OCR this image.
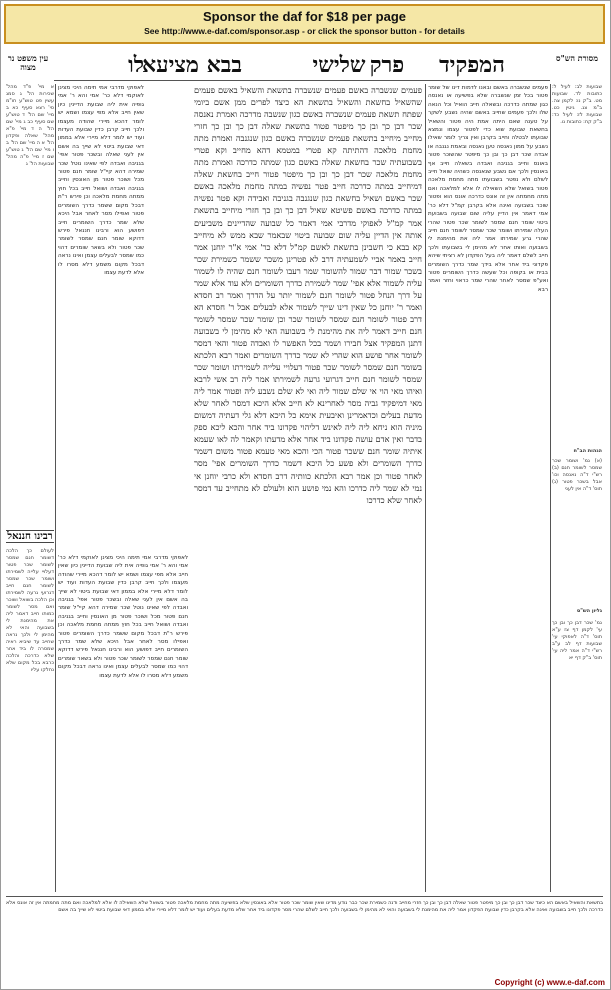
Sponsor the daf for $18 per page
See http://www.e-daf.com/sponsor.asp - or click the sponsor button - for details
לו
בבא מציעא	שלישי פרק	המפקיד
עין משפט נר מצוה
מסורת הש"ס
א מיי' פ"ד מהל' שכירות הל' ג סמג עשין פט טוש"ע חו"מ סי' רצא סעיף כא ב מיי' שם הל' ד טוש"ע שם סעיף כב ג מיי' שם הל' ה ד מיי' פ"א מהל' שאלה ופקדון הל' א ה מיי' שם הל' ב ו מיי' שם הל' ג טוש"ע שם ז מיי' פ"ה מהל' שבועות הל' ג
לאפוקי מדרבי אמי תימה היכי מצינן לאוקמי דלא כר' אמי והא ר' אמי גופיה אית ליה שבועת הדיינין כיון שאין חייב אלא מפי עצמו ושמא יש לומר דהכא מיירי שהודה מעצמו ולכך חייב קרבן כדין שבועת העדות ועוד יש לומר דלא מיירי אלא בממון דאי שבועת ביטוי לא שייך בה אשם אין לעני שאלה ובשכר פטור אפי' בגניבה ואבדה לפי שאינו נוטל שכר שמירה דהא קיי"ל שומר חנם פטור מכל ושוכר פטור מן האונסין וחייב בגניבה ואבדה ושואל חייב בכל חוץ ממתה מחמת מלאכה וכן פירש ר"ת דבכל מקום ששמר כדרך השומרים פטור ואפילו מסר לאחר אבל היכא שלא שמר כדרך השומרים חייב דפושע הוא ורבינו חננאל פירש דדוקא שומר חנם שמסר לשומר שכר פטור ולא בשאר שומרים דהוי כמו שמסר לבעלים עצמן ואינו נראה דבכל מקום משמע דלא מסרו לו אלא לדעת עצמו
רבינו חננאל
לעולם כך הלכה דשומר חנם שמסר לשומר שכר פטור דעלויי עלייה לשמירתו ושומר שכר שמסר לשומר חנם חייב דגרועי גרעה לשמירתו וכן הלכה בשואל ושוכר ואם מסר לשומר כמותו חייב דאמר ליה את מהימנת לי בשבועה והאי לא מהימן לי ולכך נראה שחייב עד שיביא ראיה שמסרה לו ביד אחר שלא כדרכה והלכה כרבא בכל מקום שלא נחלקו עליו
לאפוקי מדרבי אמי תימה היכי מצינן לאוקמי דלא כר' אמי והא ר' אמי גופיה אית ליה שבועת הדיינין כיון שאין חייב אלא מפי עצמו ושמא יש לומר דהכא מיירי שהודה מעצמו ולכך חייב קרבן כדין שבועת העדות ועוד יש לומר דלא מיירי אלא בממון דאי שבועת ביטוי לא שייך בה אשם אין לעני שאלה ובשכר פטור אפי' בגניבה ואבדה לפי שאינו נוטל שכר שמירה דהא קיי"ל שומר חנם פטור מכל ושוכר פטור מן האונסין וחייב בגניבה ואבדה ושואל חייב בכל חוץ ממתה מחמת מלאכה וכן פירש ר"ת דבכל מקום ששמר כדרך השומרים פטור ואפילו מסר לאחר אבל היכא שלא שמר כדרך השומרים חייב דפושע הוא ורבינו חננאל פירש דדוקא שומר חנם שמסר לשומר שכר פטור ולא בשאר שומרים דהוי כמו שמסר לבעלים עצמן ואינו נראה דבכל מקום משמע דלא מסרו לו אלא לדעת עצמו
פעמים שנשברה באשם פעמים שנשברה בתשאת והשאיל באשם פעמים שהשאיל בחשאת והשאיל בתשאת הא כיצד לפרים ממן אשם ביומי שפתח תשאת פעמים שנשברה באשם כגון שנשבה מדרכה ואמרת נאנסה שכר דבן כך ובן כך מיפטר פטור בתשאת שאלה דבן כך ובן כך חזרי מחייב מיחייב בתשאת פעמים שנשברה באשם כגון שנגנבה ואמרת מתה מחמת מלאכה דהתיתה קא פטרי במטמא דהא מחייב וקא פטרי בשבועתיה שכר בחשאת שאלה באשם כגון שמתה כדרכה ואמרת מתה מחמת מלאכה שכר דבן כך ובן כך מיפטר פטור חייב בחשאת שאלה דמיחייב במתה כדרכה חייב פטר נפשיה במתה מחמת מלאכה באשם שכר באשם ושאיל בחשאת כגון שנגנבה בגניבה ואבידה וקא פטר נפשיה במתה כדרכה באשם פשיטא שאיל דבן כך ובן כך חזרי מיחייב בתשאת אמר קמ"ל לאפוקי מדרבי אמי דאמר כל שבועה שהדיינים משביעים אותה אין הדיין עליה שום שבועה ביטוי שבאמר שבא ממש לא מיחייב קא בבא כי חשבינן בתשאת לאשם קמ"ל דלא כר' אמי א"ר יוחנן אמר חייב באמר אביי לשמעתיה דרב לא פטרינן משכר ששמר כשמירת שכר בשכר שמור דבר שמור להשומר שמר רעבו לשומר חנם שהיה לו לשמור עליה לשמור אלא אפי' שמר לשמירת כדרך השומרים ולא עוד אלא שמר על דרך הנחל פטור לשומר חנם לשמור יותר על הדרך ואמר רב חסדא ואמר ר' יוחנן כל שאין דינו שייך לשמור אלא לבעלים אבל ר' חסדא הא דרב פטור לשומר חנם שמסר לשומר שכר וכן שומר שכר שמסר לשומר חנם חייב דאמר ליה את מהימנת לי בשבועה האי לא מהימן לי בשבועה דתנן המפקיד אצל חבירו ושמר בכל האפשר לו ואבדה פטור והאי דמסר לשומר אחר פושע הוא שהרי לא שמר כדרך השומרים ואמר רבא הלכתא בשומר חנם שמסר לשומר שכר פטור דעלויי עלייה לשמירתו ושומר שכר שמסר לשומר חנם חייב דגרועי גרעה לשמירתו אמר ליה רב אשי לרבא ואיהו מאי הוי אי שלם שמור ליה ואי לא שלם נשבע ליה ופטור אמר ליה מאי דמיפקיד גביה מסר לאחרינא לא חייב אלא היכא דמסר לאחר שלא מדעת בעלים וכדאמרינן ואיבעית אימא כל היכא דלא גלי דעתיה דמשום מיניה הוא ניחא ליה ליה לאינש דליהוי פקדונו ביד אחר והכא ליכא ספק בדבר ואין אדם עושה פקדונו ביד אחר אלא מדעתו וקאמר לה לאו שעמא איתיה שומר חנם ששכר פטור הכי והכא מאי טעמא פטור משום דשמר כדרך השומרים ולא פשע כל היכא דשמר כדרך השומרים אפי' מסר לאחר פטור וכן אמר רבא הלכתא כוותיה דרב חסדא ולא כרבי יוחנן אי נמי לא שמר ליה כדרכו והא נמי פושע הוא ולעולם לא מתחייב עד דמסר לאחר שלא כדרכו
פעמים שנשברה באשם ובאנו לדמות דינו של שומר פטור בכל זמן שנשברה שלא בפשיעה או נאנסה כגון שמתה כדרכה ובשאלה חייב הואיל וכל הנאה שלו ולכך פעמים שחייב באשם שהיה נשבע לשקר על טענה שאם היתה אמת היה פטור והשאיל בחשאת שבועת שוא כדי לפטור עצמו ונמצא שבועתו לבטלה וחייב בקרבן ואין צריך לומר שאילו נשבע על ממון נאנסה טען נאנסה ובאמת נגנבה או אבדה שכר דבן כך ובן כך מיפטר שהשוכר פטור באונס וחייב בגניבה ואבדה בשאלה חייב אף באונסין ולכך אם נשבע שנאנסה כשהיה שואל חייב לשלם ולא נפטר בשבועתו מתה מחמת מלאכה פטור בשואל שלא השאילה לו אלא למלאכה ואם מתה מחמתה אין זה אונס כדרכה אונס הוא ופטור שוכר בשבועה ואינה אלא בקרבן קמ"ל דלא כר' אמי דאמר אין הדיין עליה שום שבועה בשבועת ביטוי שומר חנם שמסר לשומר שכר פטור שהרי העלה שמירתו ושומר שכר שמסר לשומר חנם חייב שהרי גרע שמירתו אמר ליה את מהימנת לי בשבועה ואותו אחר לא מהימן לי בשבועתו ולכך חייב לשלם דאמר ליה בעל הפקדון לא רציתי שיהא פקדוני ביד אחר אלא בידך שמר כדרך השומרים בבית או בקופה וכל שעשה כדרך השומרים פטור ואע"פ שמסר לאחר שהרי שמר כראוי וחזר ואמר רבא
שבועות לב: לעיל ל: כתובות לד. שבועות מט. ב"ק נו: לקמן צה. ב"מ צג. גיטין כט. שבועות לז: לעיל כד: ב"ק קח: כתובות נו.
הגהות הב"ח
(א) גמ' ושומר שכר שמסר לשומר חנם (ב) רש"י ד"ה נאנסה וכו' אבל בשכר פטור (ג) תוס' ד"ה אין לעני
גליון הש"ס
גמ' שכר דבן כך ובן כך עי' לקמן דף צז ע"א תוס' ד"ה לאפוקי עי' שבועות דף לב ע"ב רש"י ד"ה אמר ליה עי' תוס' ב"ק דף יא
בתשאת והשאיל באשם הא כיצד שכר דבן כך ובן כך מיפטר פטור שאלה דבן כך ובן כך חזרי מחייב ודנה כשמירת שכר כבר נודע מדינו שאין שומר שכר פטור אלא באונסין שלא בפשיעה מתה מחמת מלאכה פטור בשואל שלא השאילה לו אלא למלאכה ואם מתה מחמתה אין זה אונס אלא כדרכה ולכך חייב בשבועה ואינה אלא בקרבן כדין שבועת הפקדון אמר ליה את מהימנת לי בשבועה והאי לא מהימן לי בשבועה ולכך חייב לשלם שהרי מסר פקדונו ביד אחר שלא מדעת בעלים ועוד יש לומר דלא מיירי אלא בממון דאי שבועת ביטוי לא שייך בה אשם
Copyright (c) www.e-daf.com
